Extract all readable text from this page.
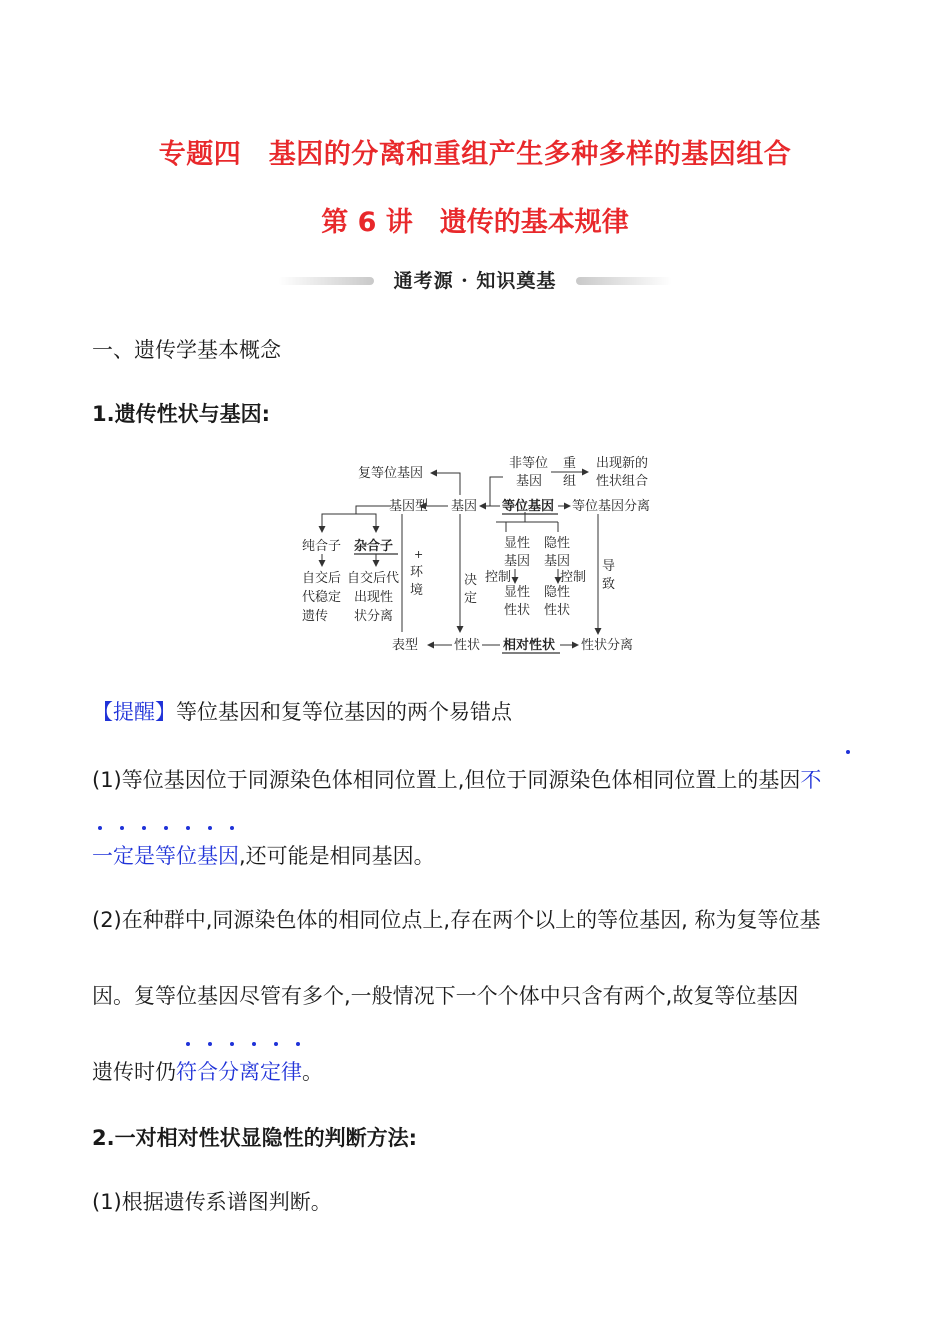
专题四　基因的分离和重组产生多种多样的基因组合
第 6 讲　遗传的基本规律
通考源 · 知识奠基
一、遗传学基本概念
1.遗传性状与基因:
复等位基因
非等位
基因
重
组
出现新的
性状组合
基因型 基因 等位基因 等位基因分离
纯合子 杂合子
+
环
境
自交后
代稳定
遗传
自交后代
出现性
状分离
决
定
显性
基因
隐性
基因
控制	控制
显性
性状
隐性
性状
导
致
表型	性状 相对性状 性状分离
【提醒】等位基因和复等位基因的两个易错点
(1)等位基因位于同源染色体相同位置上,但位于同源染色体相同位置上的基因不
一定是等位基因,还可能是相同基因。
(2)在种群中,同源染色体的相同位点上,存在两个以上的等位基因, 称为复等位基
因。复等位基因尽管有多个,一般情况下一个个体中只含有两个,故复等位基因
遗传时仍符合分离定律。
2.一对相对性状显隐性的判断方法:
(1)根据遗传系谱图判断。
